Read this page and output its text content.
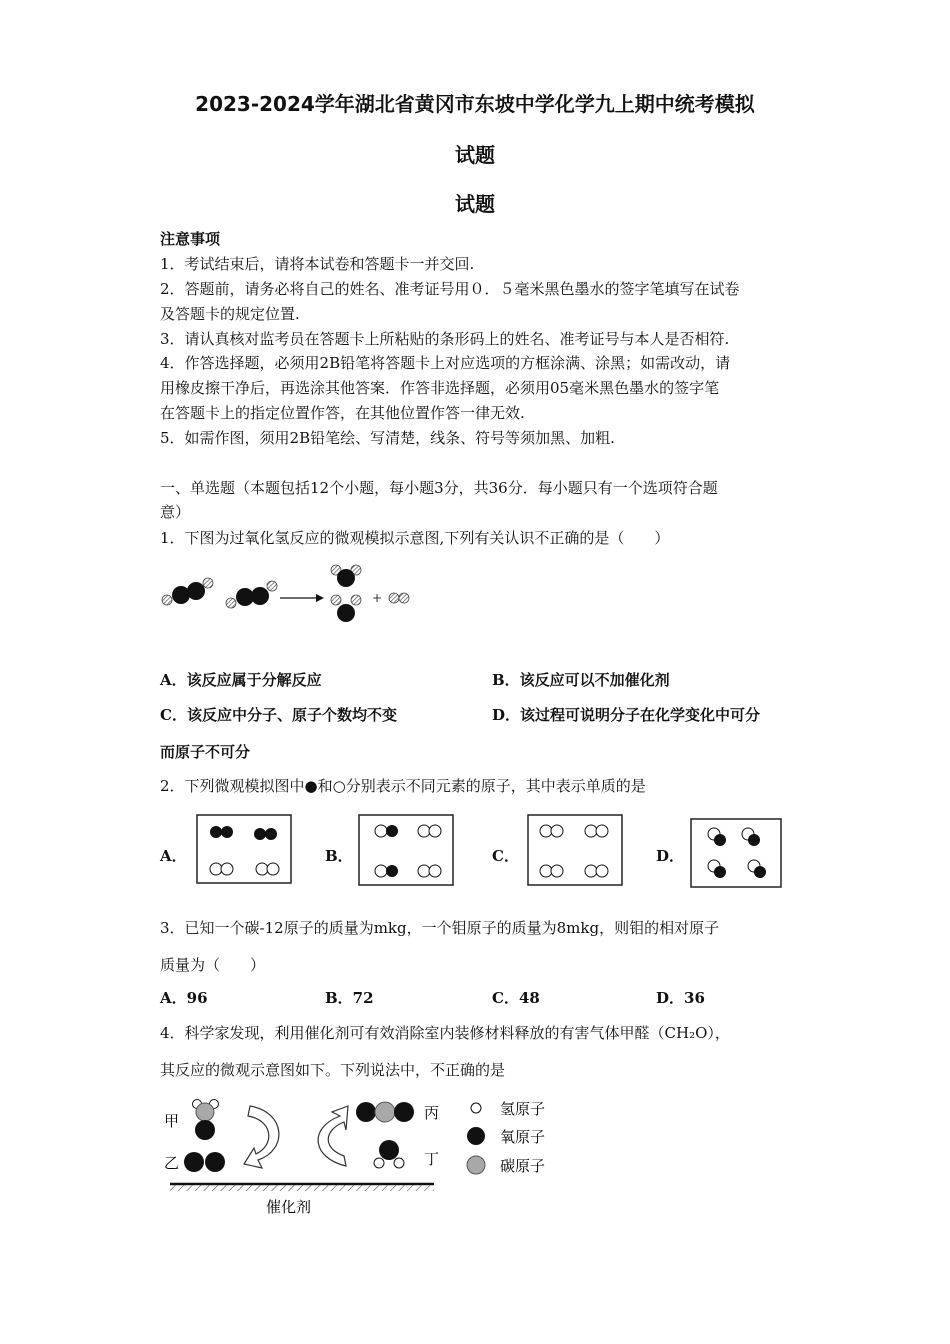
2023-2024学年湖北省黄冈市东坡中学化学九上期中统考模拟
试题
试题
注意事项
1．考试结束后，请将本试卷和答题卡一并交回.
2．答题前，请务必将自己的姓名、准考证号用０．５毫米黑色墨水的签字笔填写在试卷
及答题卡的规定位置.
3．请认真核对监考员在答题卡上所粘贴的条形码上的姓名、准考证号与本人是否相符.
4．作答选择题，必须用2B铅笔将答题卡上对应选项的方框涂满、涂黑；如需改动，请
用橡皮擦干净后，再选涂其他答案．作答非选择题，必须用05毫米黑色墨水的签字笔
在答题卡上的指定位置作答，在其他位置作答一律无效.
5．如需作图，须用2B铅笔绘、写清楚，线条、符号等须加黑、加粗.
一、单选题（本题包括12个小题，每小题3分，共36分．每小题只有一个选项符合题
意）
1．下图为过氧化氢反应的微观模拟示意图,下列有关认识不正确的是（　　）
+
A．该反应属于分解反应	B．该反应可以不加催化剂
C．该反应中分子、原子个数均不变	D．该过程可说明分子在化学变化中可分
而原子不可分
2．下列微观模拟图中●和○分别表示不同元素的原子，其中表示单质的是
A．	B．	C．	D．
3．已知一个碳-12原子的质量为mkg，一个钼原子的质量为8mkg，则钼的相对原子
质量为（　　）
A．96	B．72	C．48	D．36
4．科学家发现，利用催化剂可有效消除室内装修材料释放的有害气体甲醛（CH₂O），
其反应的微观示意图如下。下列说法中，不正确的是
甲
乙
丙
丁
催化剂
氢原子
氧原子
碳原子
